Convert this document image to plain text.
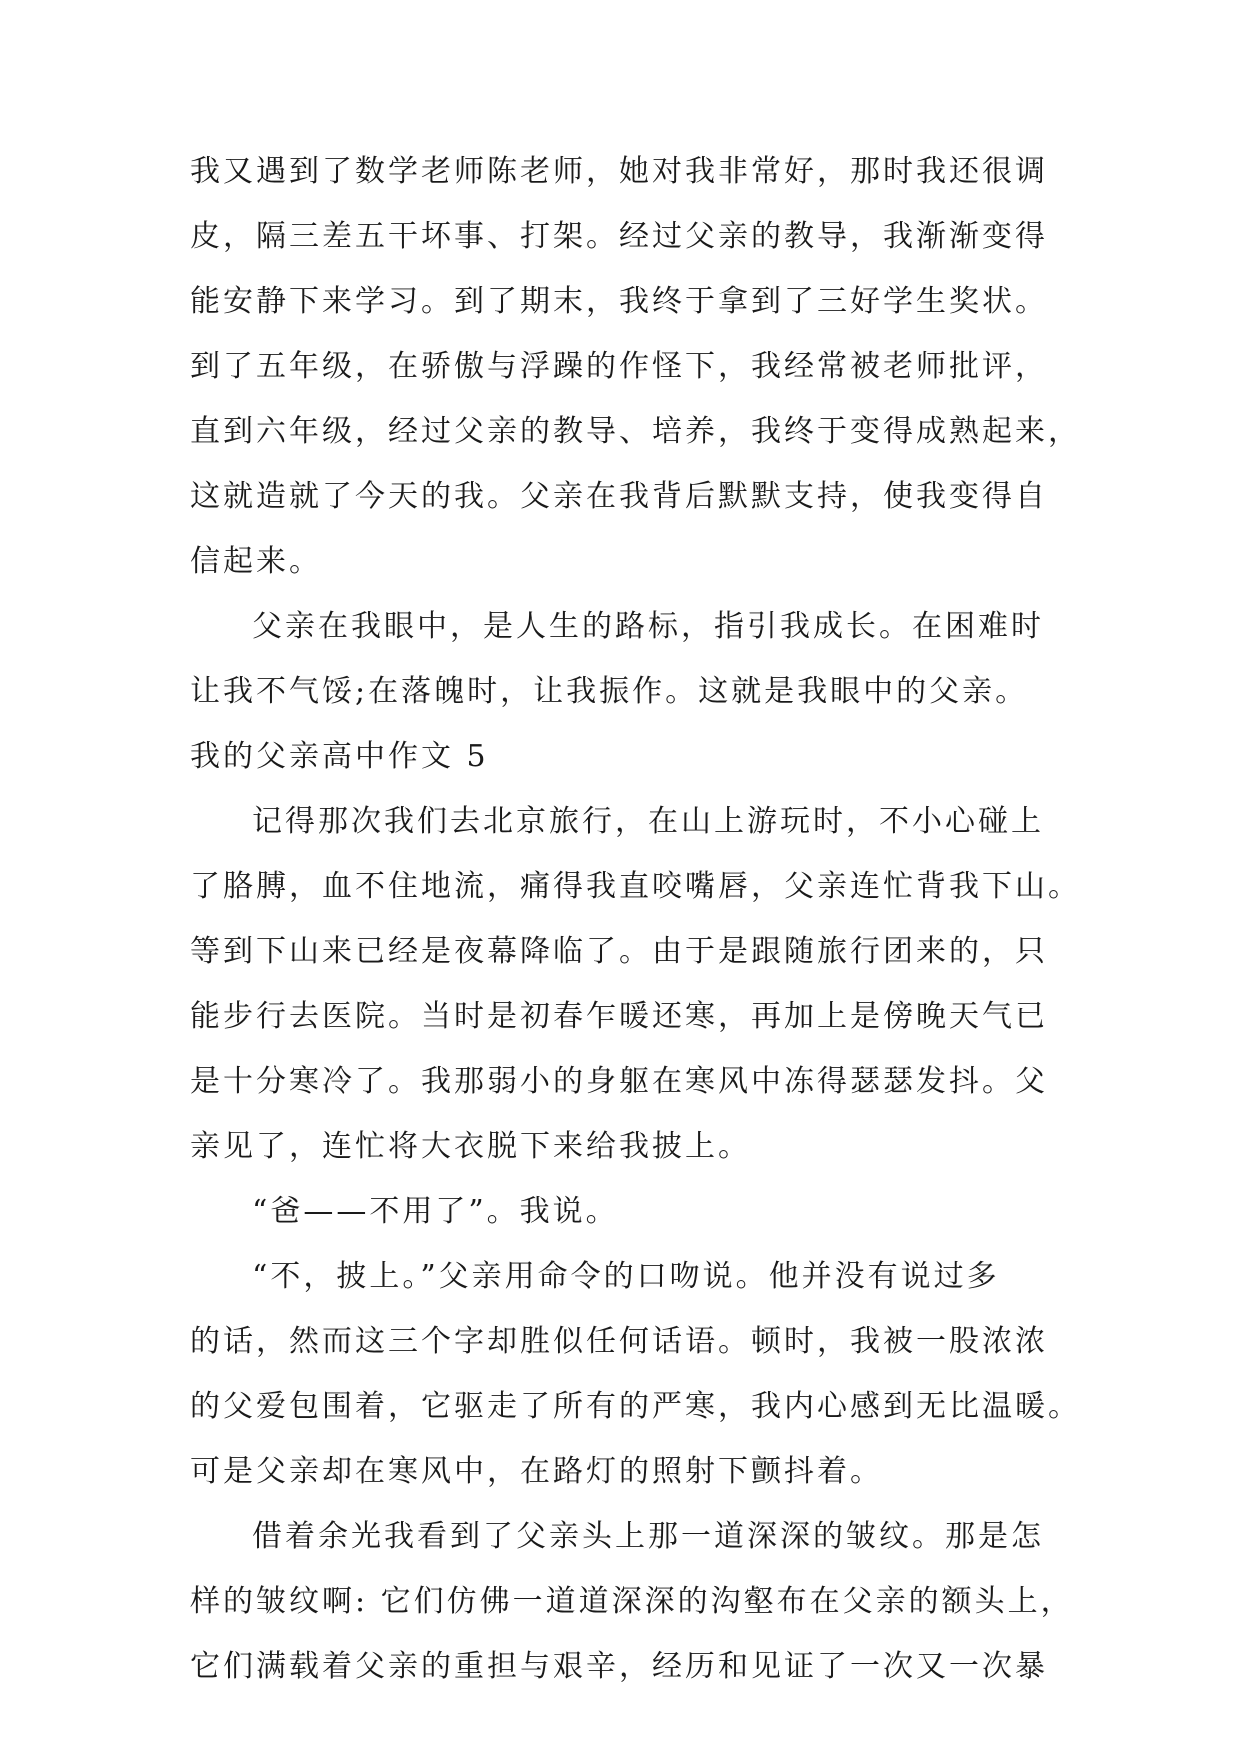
我又遇到了数学老师陈老师，她对我非常好，那时我还很调
皮，隔三差五干坏事、打架。经过父亲的教导，我渐渐变得
能安静下来学习。到了期末，我终于拿到了三好学生奖状。
到了五年级，在骄傲与浮躁的作怪下，我经常被老师批评，
直到六年级，经过父亲的教导、培养，我终于变得成熟起来，
这就造就了今天的我。父亲在我背后默默支持，使我变得自
信起来。
父亲在我眼中，是人生的路标，指引我成长。在困难时
让我不气馁;在落魄时，让我振作。这就是我眼中的父亲。
我的父亲高中作文 5
记得那次我们去北京旅行，在山上游玩时，不小心碰上
了胳膊，血不住地流，痛得我直咬嘴唇，父亲连忙背我下山。
等到下山来已经是夜幕降临了。由于是跟随旅行团来的，只
能步行去医院。当时是初春乍暖还寒，再加上是傍晚天气已
是十分寒冷了。我那弱小的身躯在寒风中冻得瑟瑟发抖。父
亲见了，连忙将大衣脱下来给我披上。
“爸——不用了”。我说。
“不，披上。”父亲用命令的口吻说。他并没有说过多
的话，然而这三个字却胜似任何话语。顿时，我被一股浓浓
的父爱包围着，它驱走了所有的严寒，我内心感到无比温暖。
可是父亲却在寒风中，在路灯的照射下颤抖着。
借着余光我看到了父亲头上那一道深深的皱纹。那是怎
样的皱纹啊: 它们仿佛一道道深深的沟壑布在父亲的额头上，
它们满载着父亲的重担与艰辛，经历和见证了一次又一次暴
